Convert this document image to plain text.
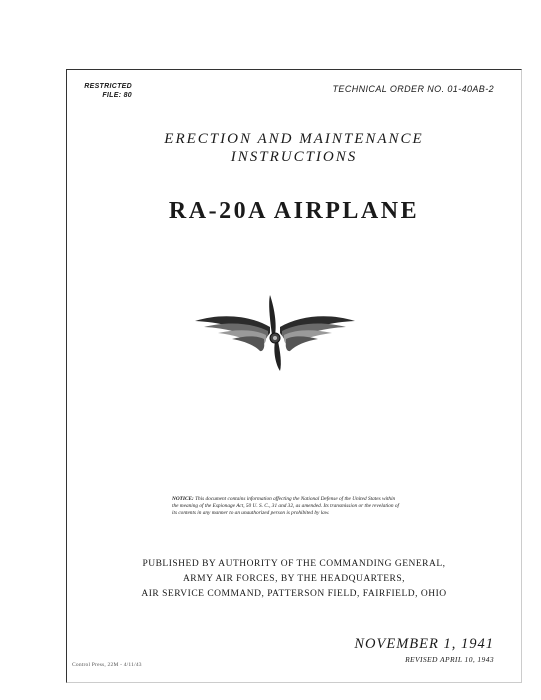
RESTRICTED
FILE: 80
TECHNICAL ORDER NO. 01-40AB-2
ERECTION AND MAINTENANCE
INSTRUCTIONS
RA-20A AIRPLANE
NOTICE: This document contains information affecting the National Defense of the United States within the meaning of the Espionage Act, 50 U. S. C., 31 and 32, as amended. Its transmission or the revelation of its contents in any manner to an unauthorized person is prohibited by law.
PUBLISHED BY AUTHORITY OF THE COMMANDING GENERAL,
ARMY AIR FORCES, BY THE HEADQUARTERS,
AIR SERVICE COMMAND, PATTERSON FIELD, FAIRFIELD, OHIO
Control Press, 22M - 4/11/43
NOVEMBER 1, 1941
REVISED APRIL 10, 1943
